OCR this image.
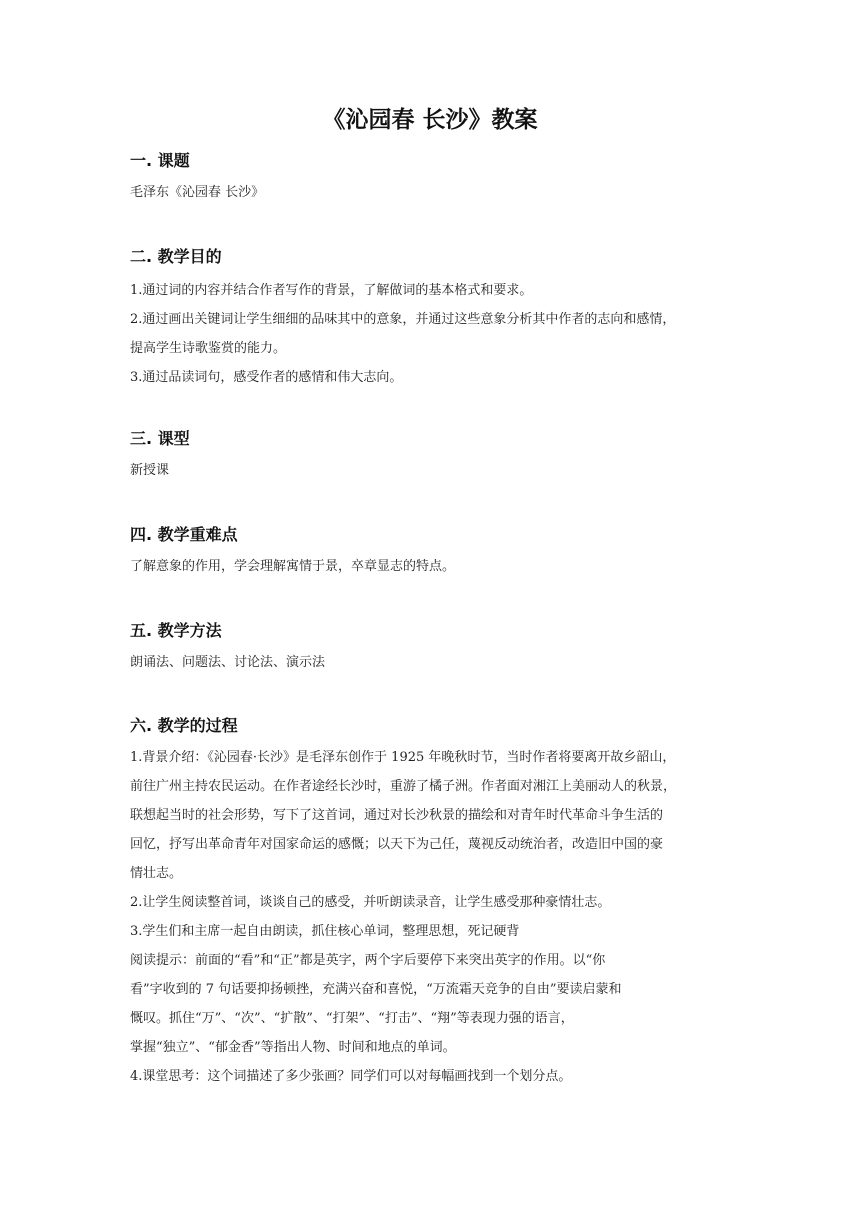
《沁园春 长沙》教案
一. 课题
毛泽东《沁园春 长沙》
二. 教学目的
1.通过词的内容并结合作者写作的背景，了解做词的基本格式和要求。
2.通过画出关键词让学生细细的品味其中的意象，并通过这些意象分析其中作者的志向和感情，
提高学生诗歌鉴赏的能力。
3.通过品读词句，感受作者的感情和伟大志向。
三. 课型
新授课
四. 教学重难点
了解意象的作用，学会理解寓情于景，卒章显志的特点。
五. 教学方法
朗诵法、问题法、讨论法、演示法
六. 教学的过程
1.背景介绍：《沁园春·长沙》是毛泽东创作于 1925 年晚秋时节，当时作者将要离开故乡韶山，
前往广州主持农民运动。在作者途经长沙时，重游了橘子洲。作者面对湘江上美丽动人的秋景，
联想起当时的社会形势，写下了这首词，通过对长沙秋景的描绘和对青年时代革命斗争生活的
回忆，抒写出革命青年对国家命运的感慨；以天下为己任，蔑视反动统治者，改造旧中国的豪
情壮志。
2.让学生阅读整首词，谈谈自己的感受，并听朗读录音，让学生感受那种豪情壮志。
3.学生们和主席一起自由朗读，抓住核心单词，整理思想，死记硬背
阅读提示：前面的“看”和“正”都是英字，两个字后要停下来突出英字的作用。以“你
看”字收到的 7 句话要抑扬顿挫，充满兴奋和喜悦，“万流霜天竞争的自由”要读启蒙和
慨叹。抓住“万”、“次”、“扩散”、“打架”、“打击”、“翔”等表现力强的语言，
掌握“独立”、“郁金香”等指出人物、时间和地点的单词。
4.课堂思考：这个词描述了多少张画？同学们可以对每幅画找到一个划分点。
